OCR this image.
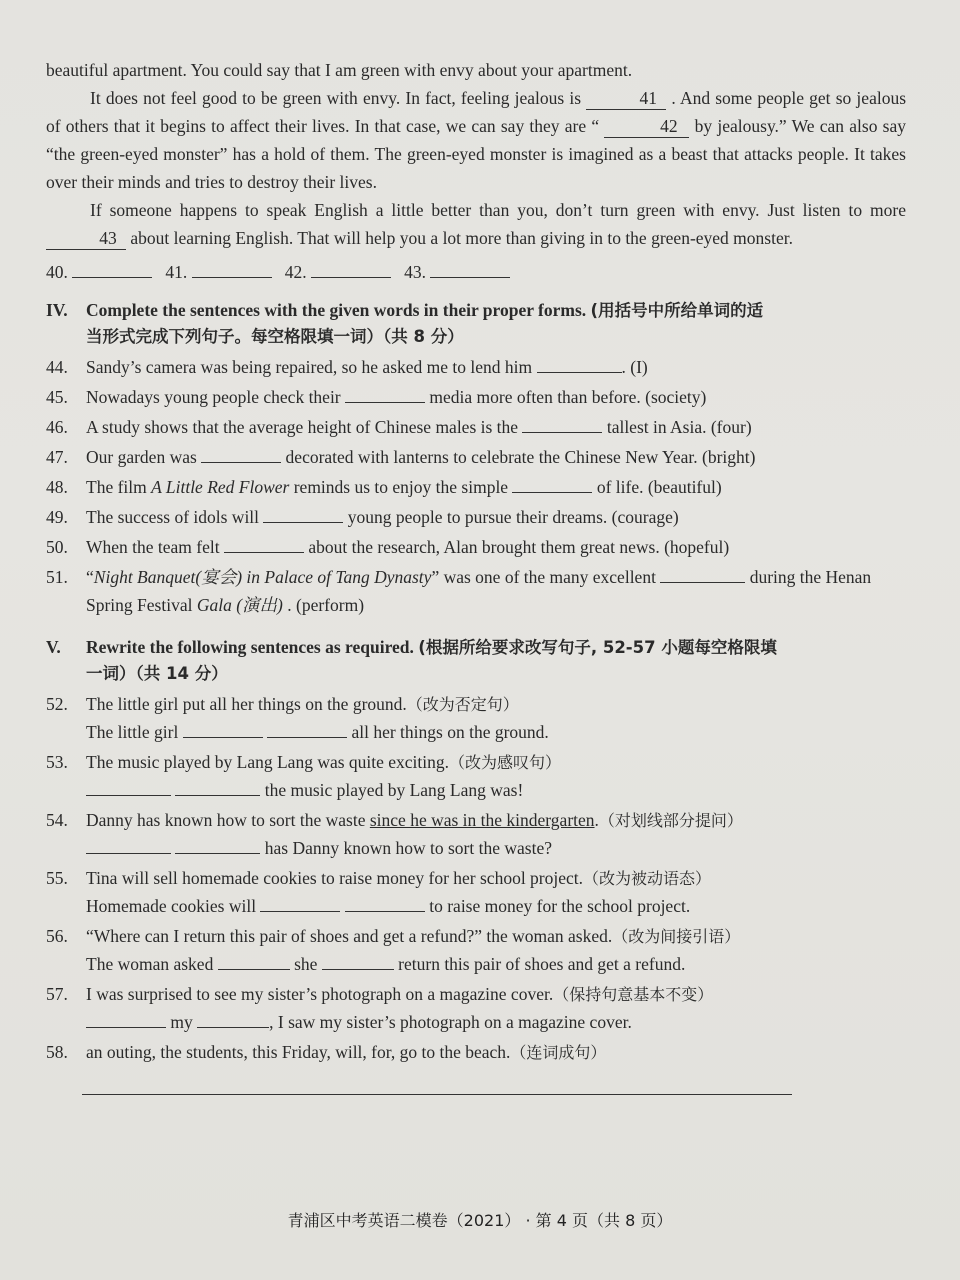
beautiful apartment. You could say that I am green with envy about your apartment.

It does not feel good to be green with envy. In fact, feeling jealous is	41 . And some people get so jealous of others that it begins to affect their lives. In that case, we can say they are “	42 by jealousy.” We can also say “the green-eyed monster” has a hold of them. The green-eyed monster is imagined as a beast that attacks people. It takes over their minds and tries to destroy their lives.

If someone happens to speak English a little better than you, don’t turn green with envy. Just listen to more 43 about learning English. That will help you a lot more than giving in to the green-eyed monster.

40.	41.	42.	43.

IV. Complete the sentences with the given words in their proper forms. (用括号中所给单词的适
当形式完成下列句子。每空格限填一词）（共 8 分）
44.	Sandy’s camera was being repaired, so he asked me to lend him	. (I)
45.	Nowadays young people check their	media more often than before. (society)
46.	A study shows that the average height of Chinese males is the	tallest in Asia. (four)
47.	Our garden was	decorated with lanterns to celebrate the Chinese New Year. (bright)
48.	The film A Little Red Flower reminds us to enjoy the simple	of life. (beautiful)
49.	The success of idols will	young people to pursue their dreams. (courage)
50.	When the team felt	about the research, Alan brought them great news. (hopeful)
51.	“Night Banquet(宴会) in Palace of Tang Dynasty” was one of the many excellent	during the Henan Spring Festival Gala (演出) . (perform)
V. Rewrite the following sentences as required. (根据所给要求改写句子, 52-57 小题每空格限填
一词）（共 14 分）
52.	The little girl put all her things on the ground.（改为否定句）
The little girl	all her things on the ground.
53.	The music played by Lang Lang was quite exciting.（改为感叹句）
the music played by Lang Lang was!
54.	Danny has known how to sort the waste since he was in the kindergarten.（对划线部分提问）
has Danny known how to sort the waste?
55.	Tina will sell homemade cookies to raise money for her school project.（改为被动语态）
Homemade cookies will	to raise money for the school project.
56.	“Where can I return this pair of shoes and get a refund?” the woman asked.（改为间接引语）
The woman asked	she	return this pair of shoes and get a refund.
57.	I was surprised to see my sister’s photograph on a magazine cover.（保持句意基本不变）
my	, I saw my sister’s photograph on a magazine cover.
58.	an outing, the students, this Friday, will, for, go to the beach.（连词成句）
青浦区中考英语二模卷（2021） · 第 4 页（共 8 页）
